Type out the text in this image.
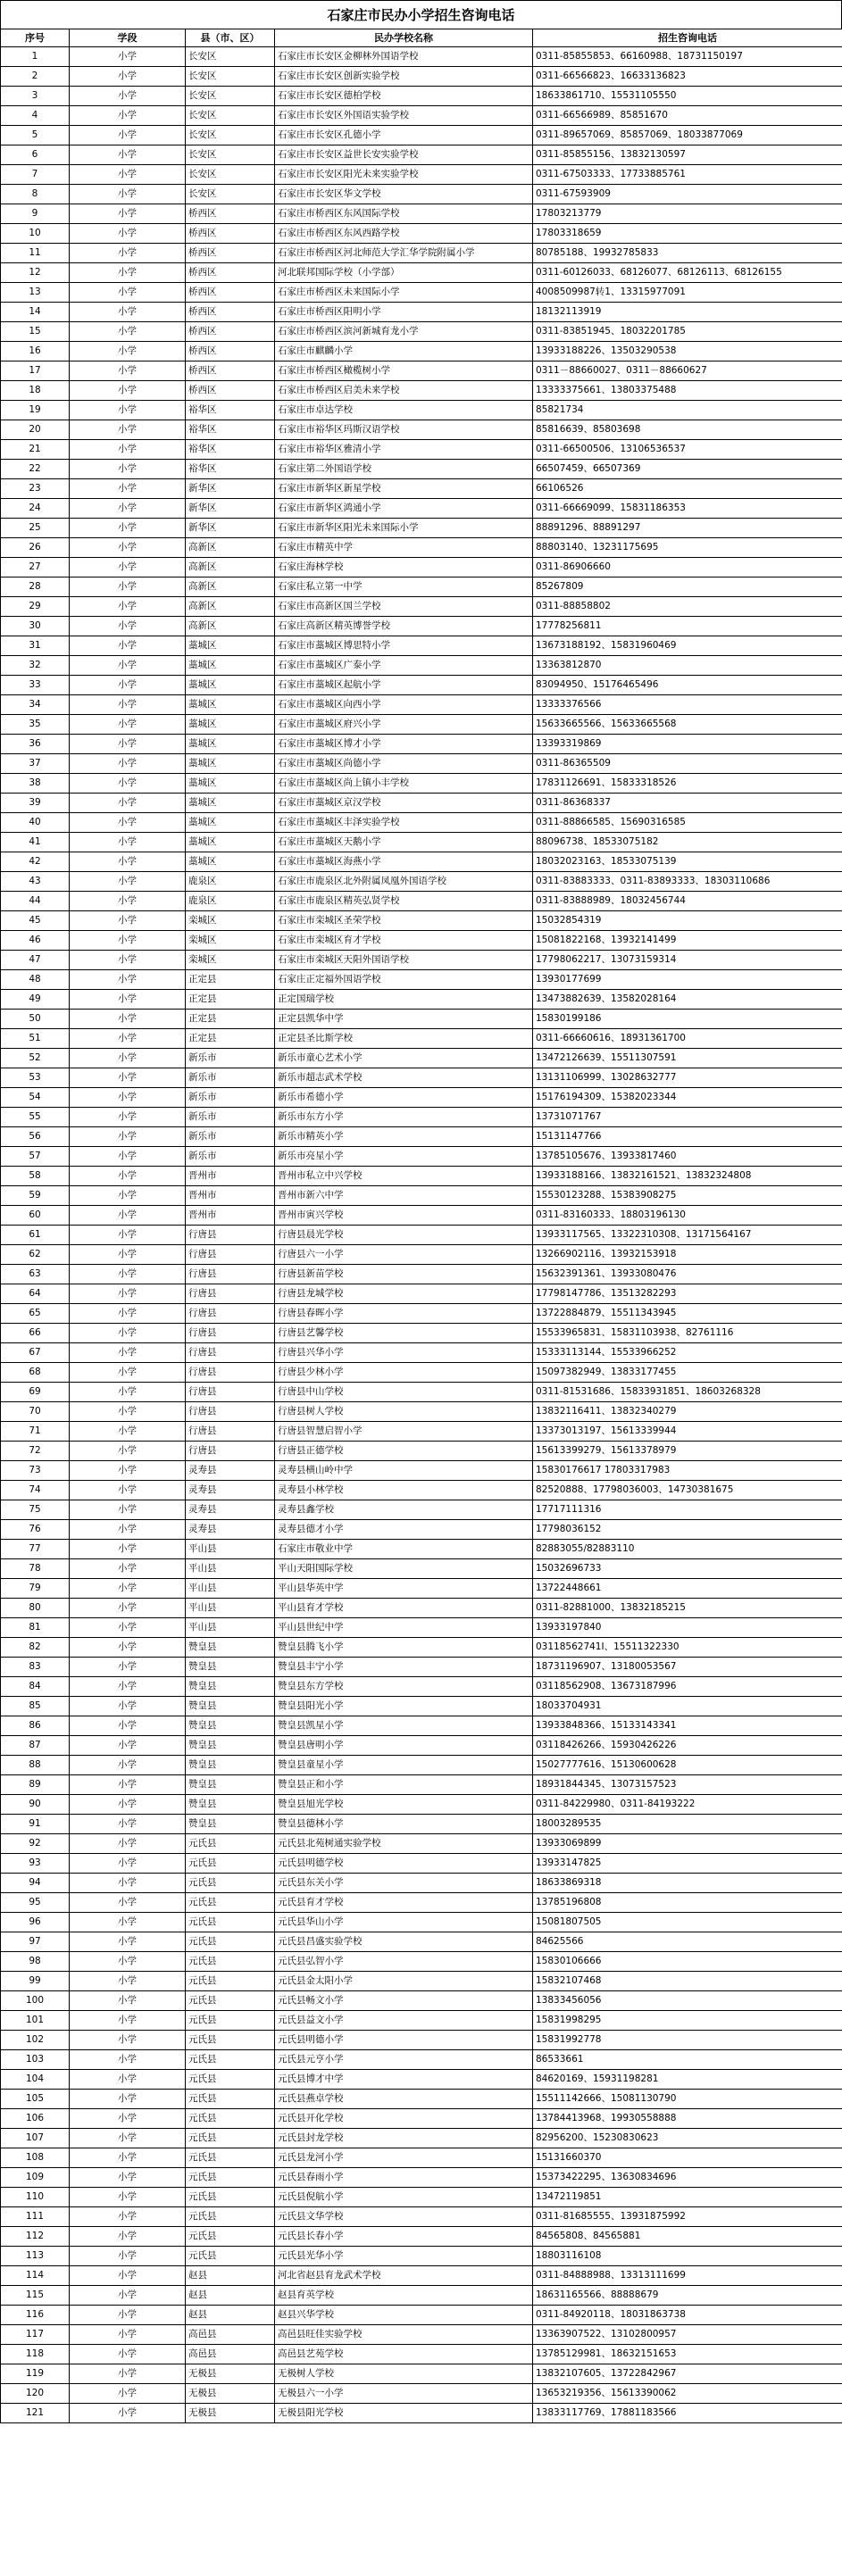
石家庄市民办小学招生咨询电话
序号	学段	县（市、区）	民办学校名称	招生咨询电话
1	小学	长安区	石家庄市长安区金柳林外国语学校	0311-85855853、66160988、18731150197
2	小学	长安区	石家庄市长安区创新实验学校	0311-66566823、16633136823
3	小学	长安区	石家庄市长安区德柏学校	18633861710、15531105550
4	小学	长安区	石家庄市长安区外国语实验学校	0311-66566989、85851670
5	小学	长安区	石家庄市长安区孔德小学	0311-89657069、85857069、18033877069
6	小学	长安区	石家庄市长安区益世长安实验学校	0311-85855156、13832130597
7	小学	长安区	石家庄市长安区阳光未来实验学校	0311-67503333、17733885761
8	小学	长安区	石家庄市长安区华文学校	0311-67593909
9	小学	桥西区	石家庄市桥西区东风国际学校	17803213779
10	小学	桥西区	石家庄市桥西区东风西路学校	17803318659
11	小学	桥西区	石家庄市桥西区河北师范大学汇华学院附属小学	80785188、19932785833
12	小学	桥西区	河北联邦国际学校（小学部）	0311-60126033、68126077、68126113、68126155
13	小学	桥西区	石家庄市桥西区未来国际小学	4008509987转1、13315977091
14	小学	桥西区	石家庄市桥西区阳明小学	18132113919
15	小学	桥西区	石家庄市桥西区滨河新城育龙小学	0311-83851945、18032201785
16	小学	桥西区	石家庄市麒麟小学	13933188226、13503290538
17	小学	桥西区	石家庄市桥西区橄榄树小学	0311－88660027、0311－88660627
18	小学	桥西区	石家庄市桥西区启美未来学校	13333375661、13803375488
19	小学	裕华区	石家庄市卓达学校	85821734
20	小学	裕华区	石家庄市裕华区玛斯汉语学校	85816639、85803698
21	小学	裕华区	石家庄市裕华区雅清小学	0311-66500506、13106536537
22	小学	裕华区	石家庄第二外国语学校	66507459、66507369
23	小学	新华区	石家庄市新华区新星学校	66106526
24	小学	新华区	石家庄市新华区鸿通小学	0311-66669099、15831186353
25	小学	新华区	石家庄市新华区阳光未来国际小学	88891296、88891297
26	小学	高新区	石家庄市精英中学	88803140、13231175695
27	小学	高新区	石家庄海林学校	0311-86906660
28	小学	高新区	石家庄私立第一中学	85267809
29	小学	高新区	石家庄市高新区国兰学校	0311-88858802
30	小学	高新区	石家庄高新区精英博誉学校	17778256811
31	小学	藁城区	石家庄市藁城区博思特小学	13673188192、15831960469
32	小学	藁城区	石家庄市藁城区广泰小学	13363812870
33	小学	藁城区	石家庄市藁城区起航小学	83094950、15176465496
34	小学	藁城区	石家庄市藁城区向西小学	13333376566
35	小学	藁城区	石家庄市藁城区府兴小学	15633665566、15633665568
36	小学	藁城区	石家庄市藁城区博才小学	13393319869
37	小学	藁城区	石家庄市藁城区尚德小学	0311-86365509
38	小学	藁城区	石家庄市藁城区尚上镇小丰学校	17831126691、15833318526
39	小学	藁城区	石家庄市藁城区京汉学校	0311-86368337
40	小学	藁城区	石家庄市藁城区丰泽实验学校	0311-88866585、15690316585
41	小学	藁城区	石家庄市藁城区天鹅小学	88096738、18533075182
42	小学	藁城区	石家庄市藁城区海燕小学	18032023163、18533075139
43	小学	鹿泉区	石家庄市鹿泉区北外附属凤凰外国语学校	0311-83883333、0311-83893333、18303110686
44	小学	鹿泉区	石家庄市鹿泉区精英弘贤学校	0311-83888989、18032456744
45	小学	栾城区	石家庄市栾城区圣荣学校	15032854319
46	小学	栾城区	石家庄市栾城区育才学校	15081822168、13932141499
47	小学	栾城区	石家庄市栾城区天阳外国语学校	17798062217、13073159314
48	小学	正定县	石家庄正定福外国语学校	13930177699
49	小学	正定县	正定国瑞学校	13473882639、13582028164
50	小学	正定县	正定县凯华中学	15830199186
51	小学	正定县	正定县圣比斯学校	0311-66660616、18931361700
52	小学	新乐市	新乐市童心艺术小学	13472126639、15511307591
53	小学	新乐市	新乐市超志武术学校	13131106999、13028632777
54	小学	新乐市	新乐市希德小学	15176194309、15382023344
55	小学	新乐市	新乐市东方小学	13731071767
56	小学	新乐市	新乐市精英小学	15131147766
57	小学	新乐市	新乐市亮星小学	13785105676、13933817460
58	小学	晋州市	晋州市私立中兴学校	13933188166、13832161521、13832324808
59	小学	晋州市	晋州市新六中学	15530123288、15383908275
60	小学	晋州市	晋州市寅兴学校	0311-83160333、18803196130
61	小学	行唐县	行唐县晨光学校	13933117565、13322310308、13171564167
62	小学	行唐县	行唐县六一小学	13266902116、13932153918
63	小学	行唐县	行唐县新苗学校	15632391361、13933080476
64	小学	行唐县	行唐县龙城学校	17798147786、13513282293
65	小学	行唐县	行唐县春晖小学	13722884879、15511343945
66	小学	行唐县	行唐县艺馨学校	15533965831、15831103938、82761116
67	小学	行唐县	行唐县兴华小学	15333113144、15533966252
68	小学	行唐县	行唐县少林小学	15097382949、13833177455
69	小学	行唐县	行唐县中山学校	0311-81531686、15833931851、18603268328
70	小学	行唐县	行唐县树人学校	13832116411、13832340279
71	小学	行唐县	行唐县智慧启智小学	13373013197、15613339944
72	小学	行唐县	行唐县正德学校	15613399279、15613378979
73	小学	灵寿县	灵寿县横山岭中学	15830176617 17803317983
74	小学	灵寿县	灵寿县小林学校	82520888、17798036003、14730381675
75	小学	灵寿县	灵寿县鑫学校	17717111316
76	小学	灵寿县	灵寿县德才小学	17798036152
77	小学	平山县	石家庄市敬业中学	82883055/82883110
78	小学	平山县	平山天阳国际学校	15032696733
79	小学	平山县	平山县华英中学	13722448661
80	小学	平山县	平山县育才学校	0311-82881000、13832185215
81	小学	平山县	平山县世纪中学	13933197840
82	小学	赞皇县	赞皇县腾飞小学	03118562741I、15511322330
83	小学	赞皇县	赞皇县丰宁小学	18731196907、13180053567
84	小学	赞皇县	赞皇县东方学校	03118562908、13673187996
85	小学	赞皇县	赞皇县阳光小学	18033704931
86	小学	赞皇县	赞皇县凯星小学	13933848366、15133143341
87	小学	赞皇县	赞皇县唐明小学	03118426266、15930426226
88	小学	赞皇县	赞皇县童星小学	15027777616、15130600628
89	小学	赞皇县	赞皇县正和小学	18931844345、13073157523
90	小学	赞皇县	赞皇县旭光学校	0311-84229980、0311-84193222
91	小学	赞皇县	赞皇县德林小学	18003289535
92	小学	元氏县	元氏县北苑树通实验学校	13933069899
93	小学	元氏县	元氏县明德学校	13933147825
94	小学	元氏县	元氏县东关小学	18633869318
95	小学	元氏县	元氏县育才学校	13785196808
96	小学	元氏县	元氏县华山小学	15081807505
97	小学	元氏县	元氏县昌盛实验学校	84625566
98	小学	元氏县	元氏县弘智小学	15830106666
99	小学	元氏县	元氏县金太阳小学	15832107468
100	小学	元氏县	元氏县畅文小学	13833456056
101	小学	元氏县	元氏县益文小学	15831998295
102	小学	元氏县	元氏县明德小学	15831992778
103	小学	元氏县	元氏县元亨小学	86533661
104	小学	元氏县	元氏县博才中学	84620169、15931198281
105	小学	元氏县	元氏县燕卓学校	15511142666、15081130790
106	小学	元氏县	元氏县开化学校	13784413968、19930558888
107	小学	元氏县	元氏县封龙学校	82956200、15230830623
108	小学	元氏县	元氏县龙河小学	15131660370
109	小学	元氏县	元氏县春雨小学	15373422295、13630834696
110	小学	元氏县	元氏县倪航小学	13472119851
111	小学	元氏县	元氏县文华学校	0311-81685555、13931875992
112	小学	元氏县	元氏县长春小学	84565808、84565881
113	小学	元氏县	元氏县光华小学	18803116108
114	小学	赵县	河北省赵县育龙武术学校	0311-84888988、13313111699
115	小学	赵县	赵县育英学校	18631165566、88888679
116	小学	赵县	赵县兴华学校	0311-84920118、18031863738
117	小学	高邑县	高邑县旺佳实验学校	13363907522、13102800957
118	小学	高邑县	高邑县艺苑学校	13785129981、18632151653
119	小学	无极县	无极树人学校	13832107605、13722842967
120	小学	无极县	无极县六一小学	13653219356、15613390062
121	小学	无极县	无极县阳光学校	13833117769、17881183566
